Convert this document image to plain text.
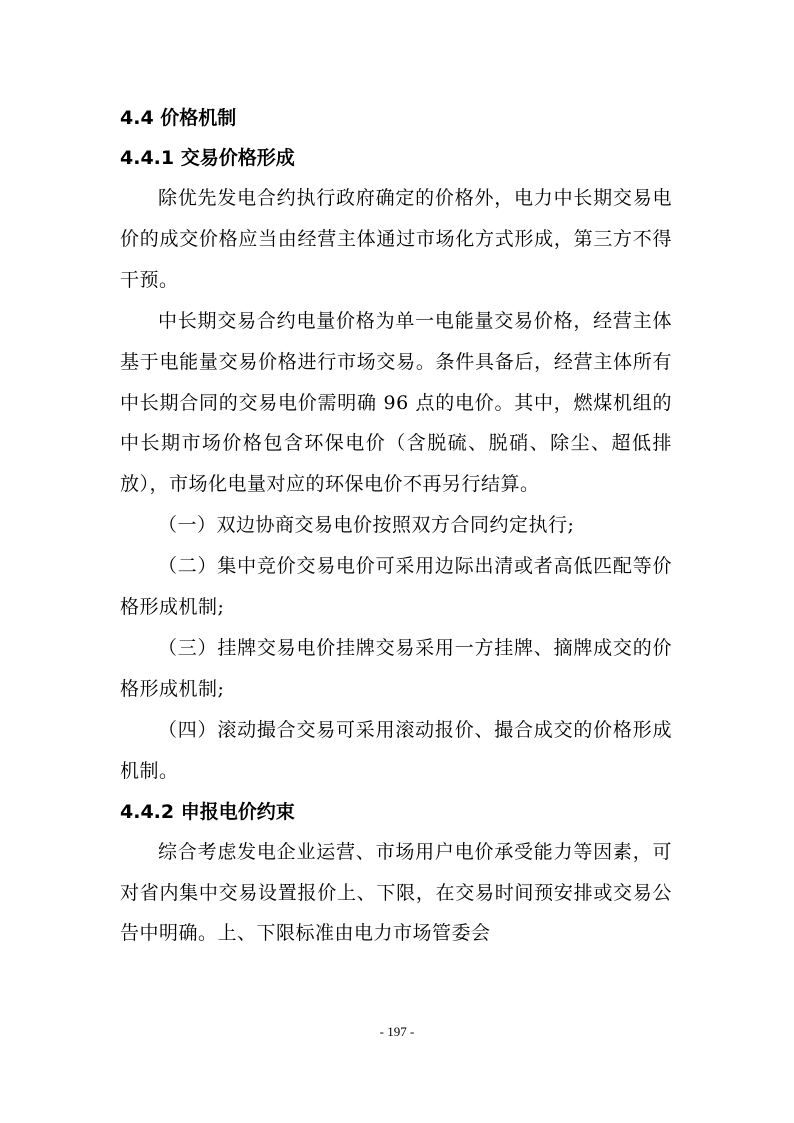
4.4 价格机制
4.4.1 交易价格形成

除优先发电合约执行政府确定的价格外，电力中长期交易电价的成交价格应当由经营主体通过市场化方式形成，第三方不得干预。

中长期交易合约电量价格为单一电能量交易价格，经营主体基于电能量交易价格进行市场交易。条件具备后，经营主体所有中长期合同的交易电价需明确 96 点的电价。其中，燃煤机组的中长期市场价格包含环保电价（含脱硫、脱硝、除尘、超低排放），市场化电量对应的环保电价不再另行结算。

（一）双边协商交易电价按照双方合同约定执行;

（二）集中竞价交易电价可采用边际出清或者高低匹配等价格形成机制;

（三）挂牌交易电价挂牌交易采用一方挂牌、摘牌成交的价格形成机制;

（四）滚动撮合交易可采用滚动报价、撮合成交的价格形成机制。

4.4.2 申报电价约束

综合考虑发电企业运营、市场用户电价承受能力等因素，可对省内集中交易设置报价上、下限，在交易时间预安排或交易公告中明确。上、下限标准由电力市场管委会

- 197 -
